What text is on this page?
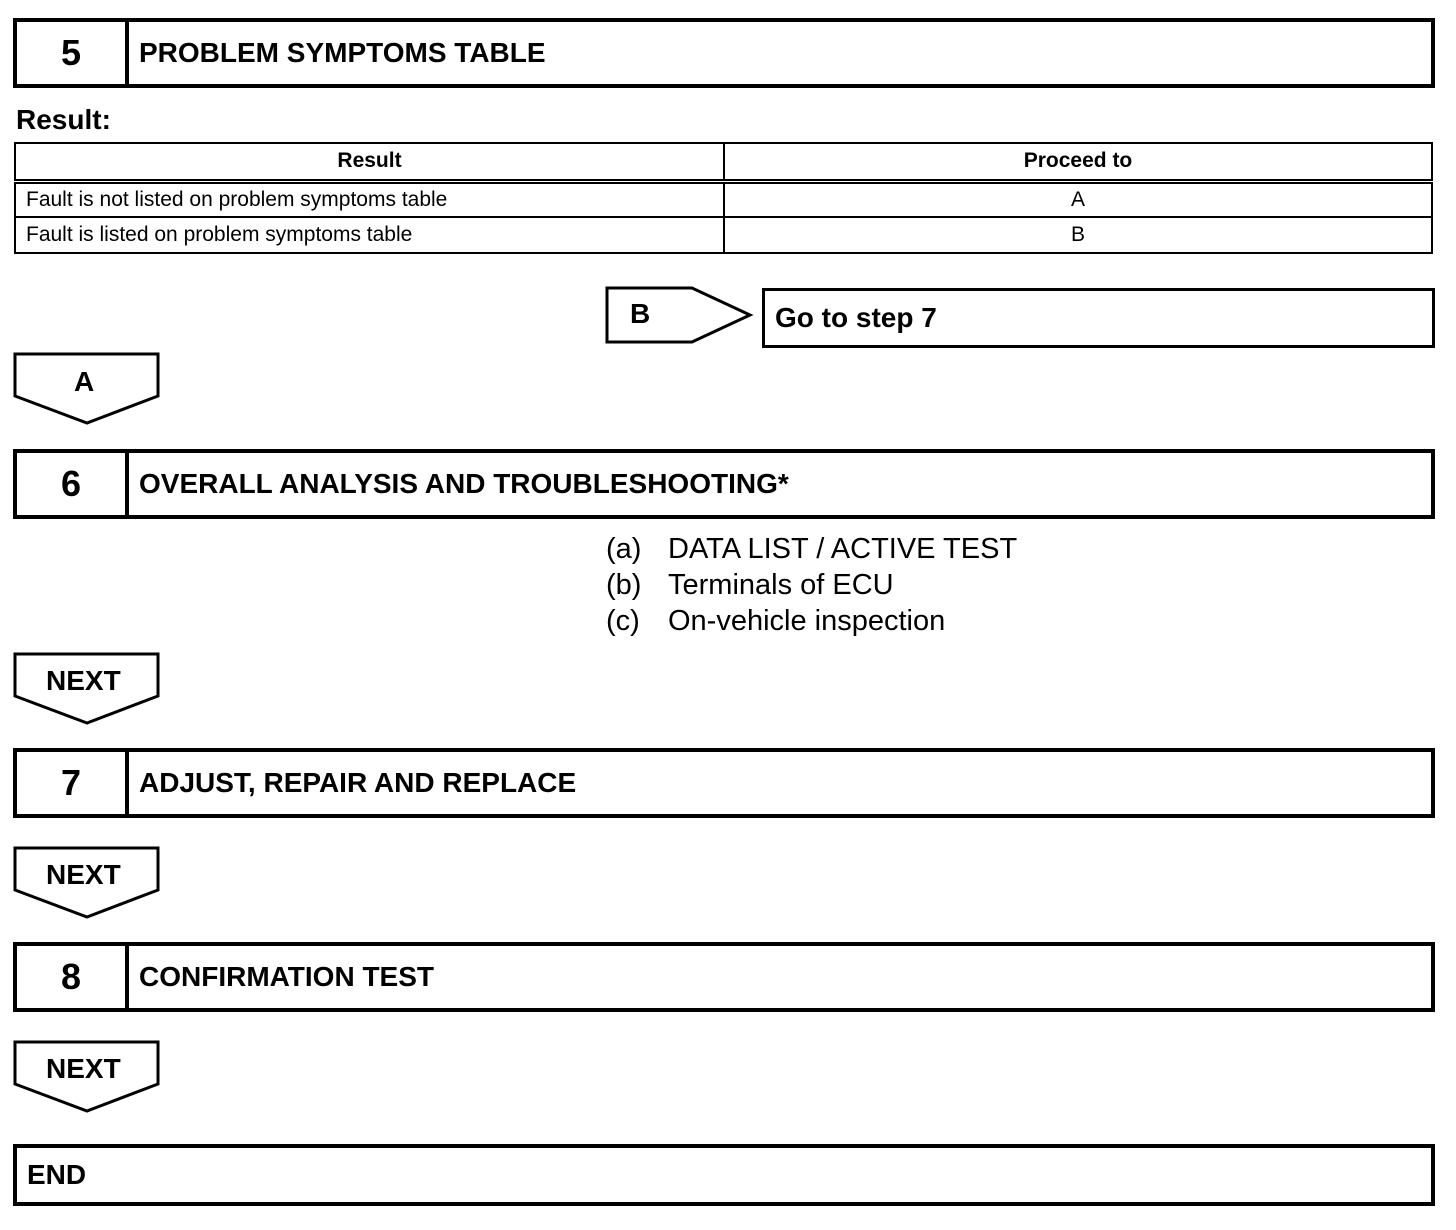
5	PROBLEM SYMPTOMS TABLE
Result:
Result	Proceed to
Fault is not listed on problem symptoms table	A
Fault is listed on problem symptoms table	B
B	Go to step 7
A
6	OVERALL ANALYSIS AND TROUBLESHOOTING*
(a) DATA LIST / ACTIVE TEST
(b) Terminals of ECU
(c) On-vehicle inspection
NEXT
7	ADJUST, REPAIR AND REPLACE
NEXT
8	CONFIRMATION TEST
NEXT
END
